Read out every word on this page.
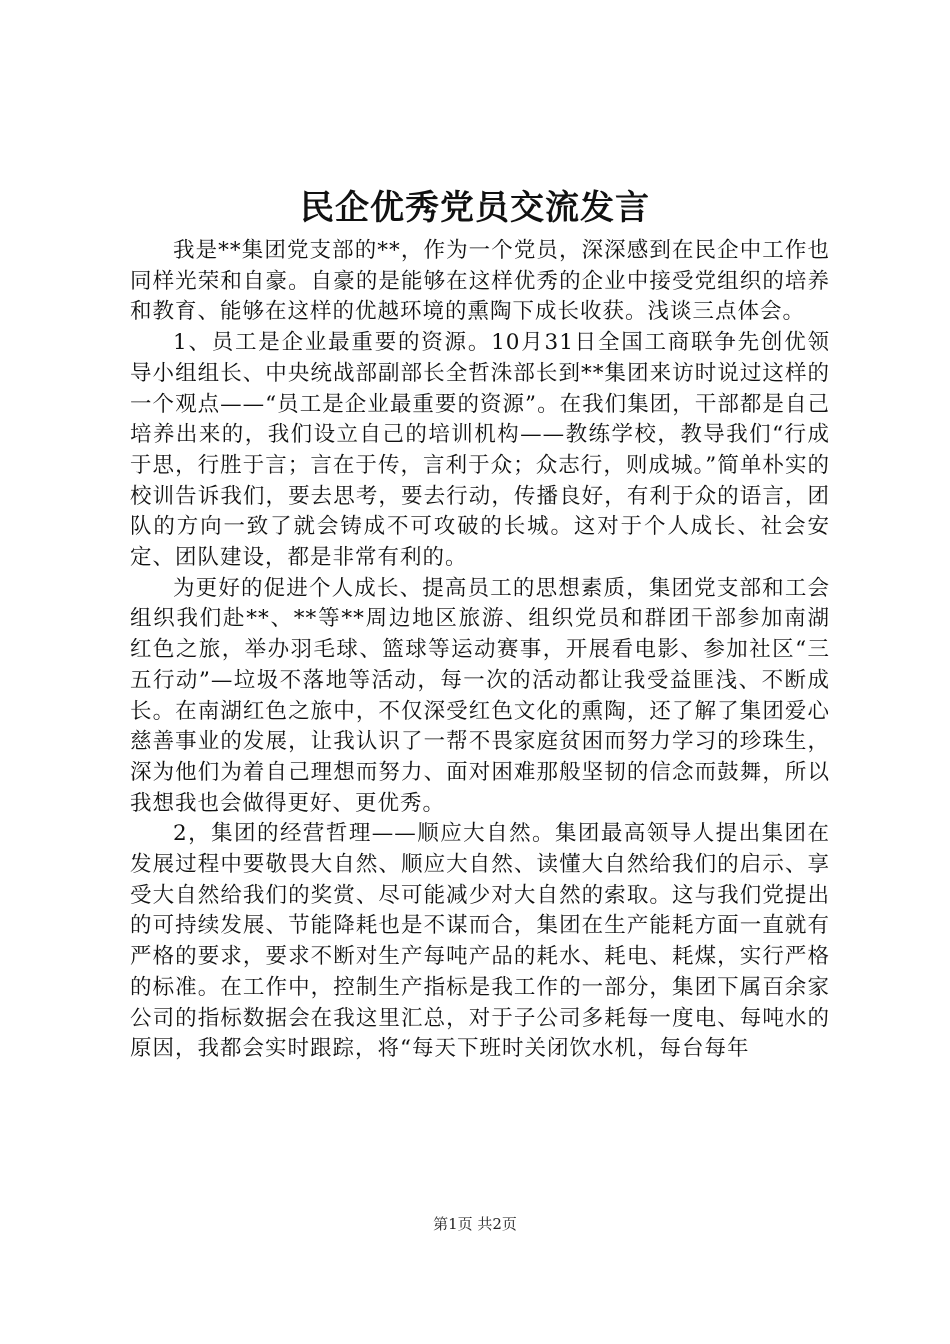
民企优秀党员交流发言

我是**集团党支部的**，作为一个党员，深深感到在民企中工作也同样光荣和自豪。自豪的是能够在这样优秀的企业中接受党组织的培养和教育、能够在这样的优越环境的熏陶下成长收获。浅谈三点体会。

1、员工是企业最重要的资源。10月31日全国工商联争先创优领导小组组长、中央统战部副部长全哲洙部长到**集团来访时说过这样的一个观点——“员工是企业最重要的资源”。在我们集团，干部都是自己培养出来的，我们设立自己的培训机构——教练学校，教导我们“行成于思，行胜于言；言在于传，言利于众；众志行，则成城。”简单朴实的校训告诉我们，要去思考，要去行动，传播良好，有利于众的语言，团队的方向一致了就会铸成不可攻破的长城。这对于个人成长、社会安定、团队建设，都是非常有利的。

为更好的促进个人成长、提高员工的思想素质，集团党支部和工会组织我们赴**、**等**周边地区旅游、组织党员和群团干部参加南湖红色之旅，举办羽毛球、篮球等运动赛事，开展看电影、参加社区“三五行动”—垃圾不落地等活动，每一次的活动都让我受益匪浅、不断成长。在南湖红色之旅中，不仅深受红色文化的熏陶，还了解了集团爱心慈善事业的发展，让我认识了一帮不畏家庭贫困而努力学习的珍珠生，深为他们为着自己理想而努力、面对困难那般坚韧的信念而鼓舞，所以我想我也会做得更好、更优秀。

2，集团的经营哲理——顺应大自然。集团最高领导人提出集团在发展过程中要敬畏大自然、顺应大自然、读懂大自然给我们的启示、享受大自然给我们的奖赏、尽可能减少对大自然的索取。这与我们党提出的可持续发展、节能降耗也是不谋而合，集团在生产能耗方面一直就有严格的要求，要求不断对生产每吨产品的耗水、耗电、耗煤，实行严格的标准。在工作中，控制生产指标是我工作的一部分，集团下属百余家公司的指标数据会在我这里汇总，对于子公司多耗每一度电、每吨水的原因，我都会实时跟踪，将“每天下班时关闭饮水机，每台每年

第1页 共2页
